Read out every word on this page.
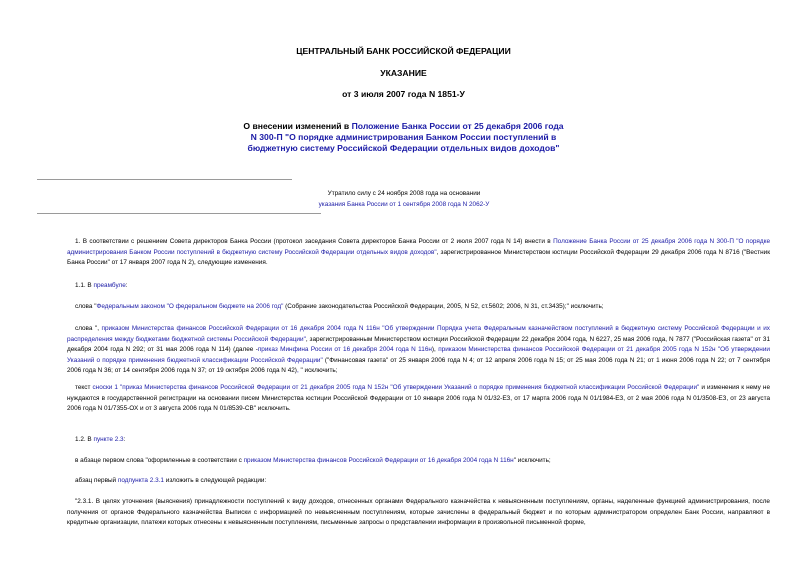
ЦЕНТРАЛЬНЫЙ БАНК РОССИЙСКОЙ ФЕДЕРАЦИИ
УКАЗАНИЕ
от 3 июля 2007 года N 1851-У
О внесении изменений в Положение Банка России от 25 декабря 2006 года N 300-П "О порядке администрирования Банком России поступлений в бюджетную систему Российской Федерации отдельных видов доходов"
Утратило силу с 24 ноября 2008 года на основании
указания Банка России от 1 сентября 2008 года N 2062-У
1. В соответствии с решением Совета директоров Банка России (протокол заседания Совета директоров Банка России от 2 июля 2007 года N 14) внести в Положение Банка России от 25 декабря 2006 года N 300-П "О порядке администрирования Банком России поступлений в бюджетную систему Российской Федерации отдельных видов доходов", зарегистрированное Министерством юстиции Российской Федерации 29 декабря 2006 года N 8716 ("Вестник Банка России" от 17 января 2007 года N 2), следующие изменения.
1.1. В преамбуле:
слова "Федеральным законом "О федеральном бюджете на 2006 год" (Собрание законодательства Российской Федерации, 2005, N 52, ст.5602; 2006, N 31, ст.3435);" исключить;
слова ", приказом Министерства финансов Российской Федерации от 16 декабря 2004 года N 116н "Об утверждении Порядка учета Федеральным казначейством поступлений в бюджетную систему Российской Федерации и их распределения между бюджетами бюджетной системы Российской Федерации", зарегистрированным Министерством юстиции Российской Федерации 22 декабря 2004 года, N 6227, 25 мая 2006 года, N 7877 ("Российская газета" от 31 декабря 2004 года N 292; от 31 мая 2006 года N 114) (далее -приказ Минфина России от 16 декабря 2004 года N 116н), приказом Министерства финансов Российской Федерации от 21 декабря 2005 года N 152н "Об утверждении Указаний о порядке применения бюджетной классификации Российской Федерации" ("Финансовая газета" от 25 января 2006 года N 4; от 12 апреля 2006 года N 15; от 25 мая 2006 года N 21; от 1 июня 2006 года N 22; от 7 сентября 2006 года N 36; от 14 сентября 2006 года N 37; от 19 октября 2006 года N 42), " исключить;
текст сноски 1 "приказ Министерства финансов Российской Федерации от 21 декабря 2005 года N 152н "Об утверждении Указаний о порядке применения бюджетной классификации Российской Федерации" и изменения к нему не нуждаются в государственной регистрации на основании писем Министерства юстиции Российской Федерации от 10 января 2006 года N 01/32-ЕЗ, от 17 марта 2006 года N 01/1984-ЕЗ, от 2 мая 2006 года N 01/3508-ЕЗ, от 23 августа 2006 года N 01/7355-ОХ и от 3 августа 2006 года N 01/8539-СВ" исключить.
1.2. В пункте 2.3:
в абзаце первом слова "оформленные в соответствии с приказом Министерства финансов Российской Федерации от 16 декабря 2004 года N 116н" исключить;
абзац первый подпункта 2.3.1 изложить в следующей редакции:
"2.3.1. В целях уточнения (выяснения) принадлежности поступлений к виду доходов, отнесенных органами Федерального казначейства к невыясненным поступлениям, органы, наделенные функцией администрирования, после получения от органов Федерального казначейства Выписки с информацией по невыясненным поступлениям, которые зачислены в федеральный бюджет и по которым администратором определен Банк России, направляют в кредитные организации, платежи которых отнесены к невыясненным поступлениям, письменные запросы о представлении информации в произвольной письменной форме,
